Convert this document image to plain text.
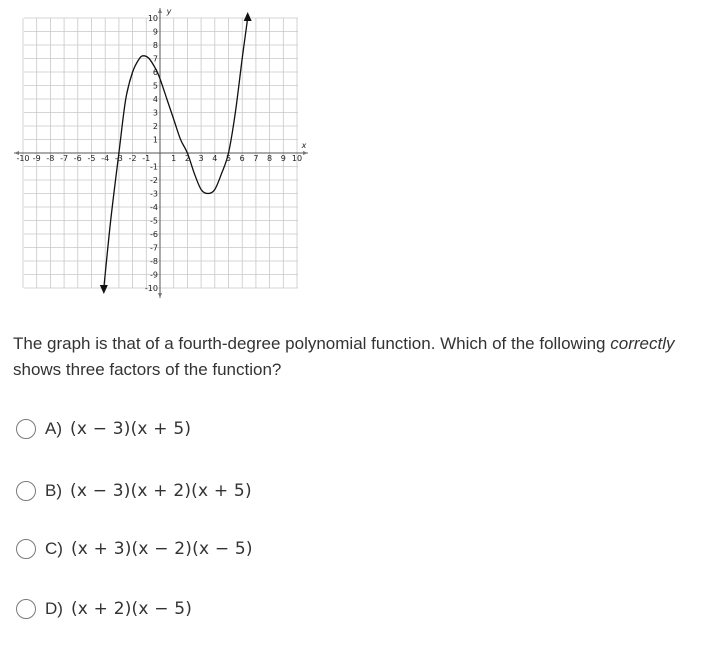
-10 -9 -8 -7 -6 -5 -4 -3 -2 -1	1 2 3 4 5 6 7 8 9 10
10
9
8
7
6
5
4
3
2
1
-1
-2
-3
-4
-5
-6
-7
-8
-9
-10
x
y
The graph is that of a fourth-degree polynomial function. Which of the following correctly shows three factors of the function?
A) (x − 3)(x + 5)
B) (x − 3)(x + 2)(x + 5)
C) (x + 3)(x − 2)(x − 5)
D) (x + 2)(x − 5)
